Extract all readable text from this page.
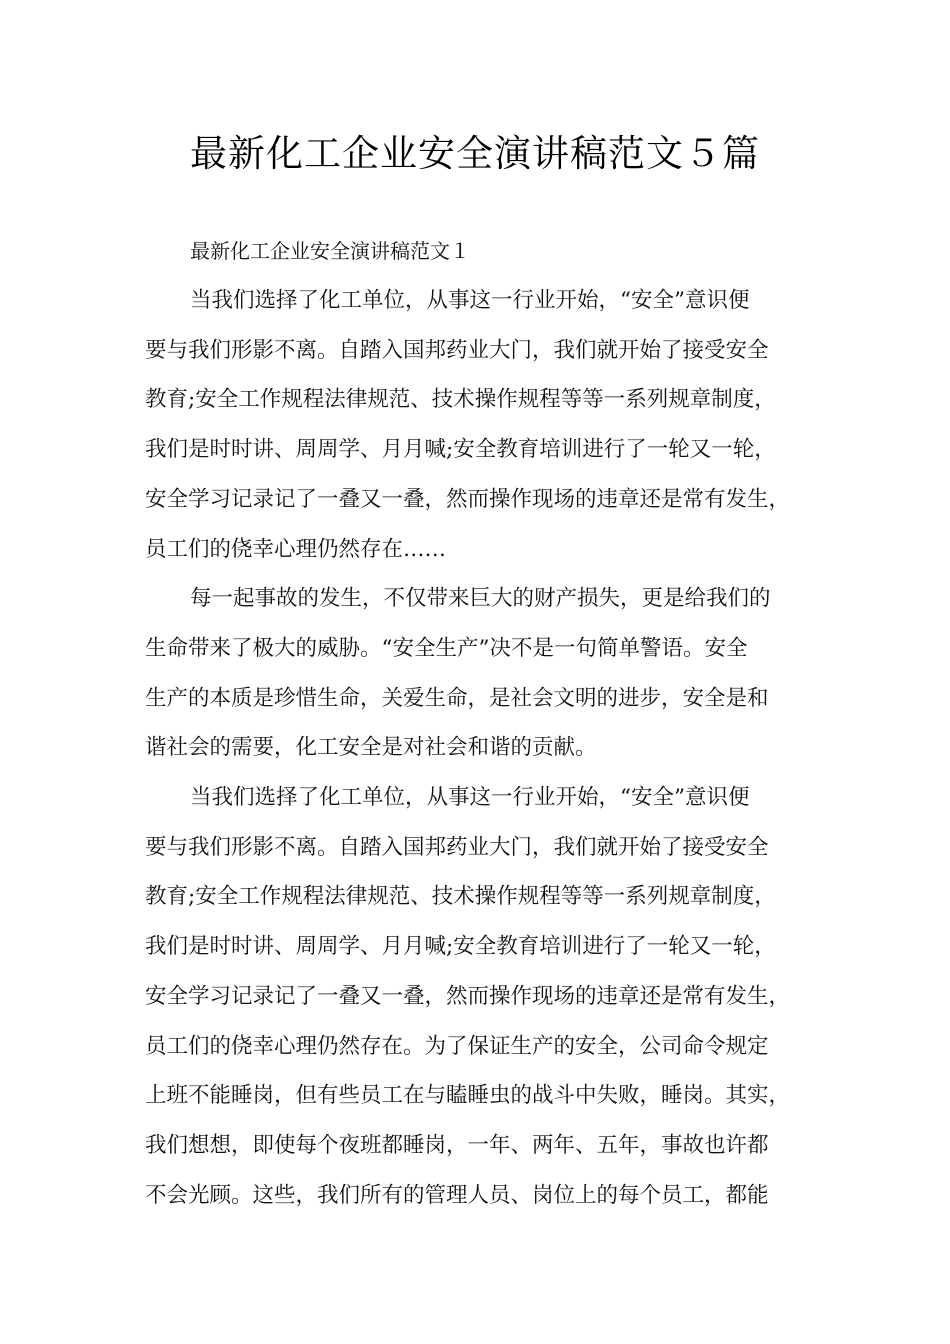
最新化工企业安全演讲稿范文５篇
最新化工企业安全演讲稿范文１
当我们选择了化工单位，从事这一行业开始，“安全”意识便
要与我们形影不离。自踏入国邦药业大门，我们就开始了接受安全
教育;安全工作规程法律规范、技术操作规程等等一系列规章制度，
我们是时时讲、周周学、月月喊;安全教育培训进行了一轮又一轮，
安全学习记录记了一叠又一叠，然而操作现场的违章还是常有发生，
员工们的侥幸心理仍然存在……
每一起事故的发生，不仅带来巨大的财产损失，更是给我们的
生命带来了极大的威胁。“安全生产”决不是一句简单警语。安全
生产的本质是珍惜生命，关爱生命，是社会文明的进步，安全是和
谐社会的需要，化工安全是对社会和谐的贡献。
当我们选择了化工单位，从事这一行业开始，“安全”意识便
要与我们形影不离。自踏入国邦药业大门，我们就开始了接受安全
教育;安全工作规程法律规范、技术操作规程等等一系列规章制度，
我们是时时讲、周周学、月月喊;安全教育培训进行了一轮又一轮，
安全学习记录记了一叠又一叠，然而操作现场的违章还是常有发生，
员工们的侥幸心理仍然存在。为了保证生产的安全，公司命令规定
上班不能睡岗，但有些员工在与瞌睡虫的战斗中失败，睡岗。其实，
我们想想，即使每个夜班都睡岗，一年、两年、五年，事故也许都
不会光顾。这些，我们所有的管理人员、岗位上的每个员工，都能
